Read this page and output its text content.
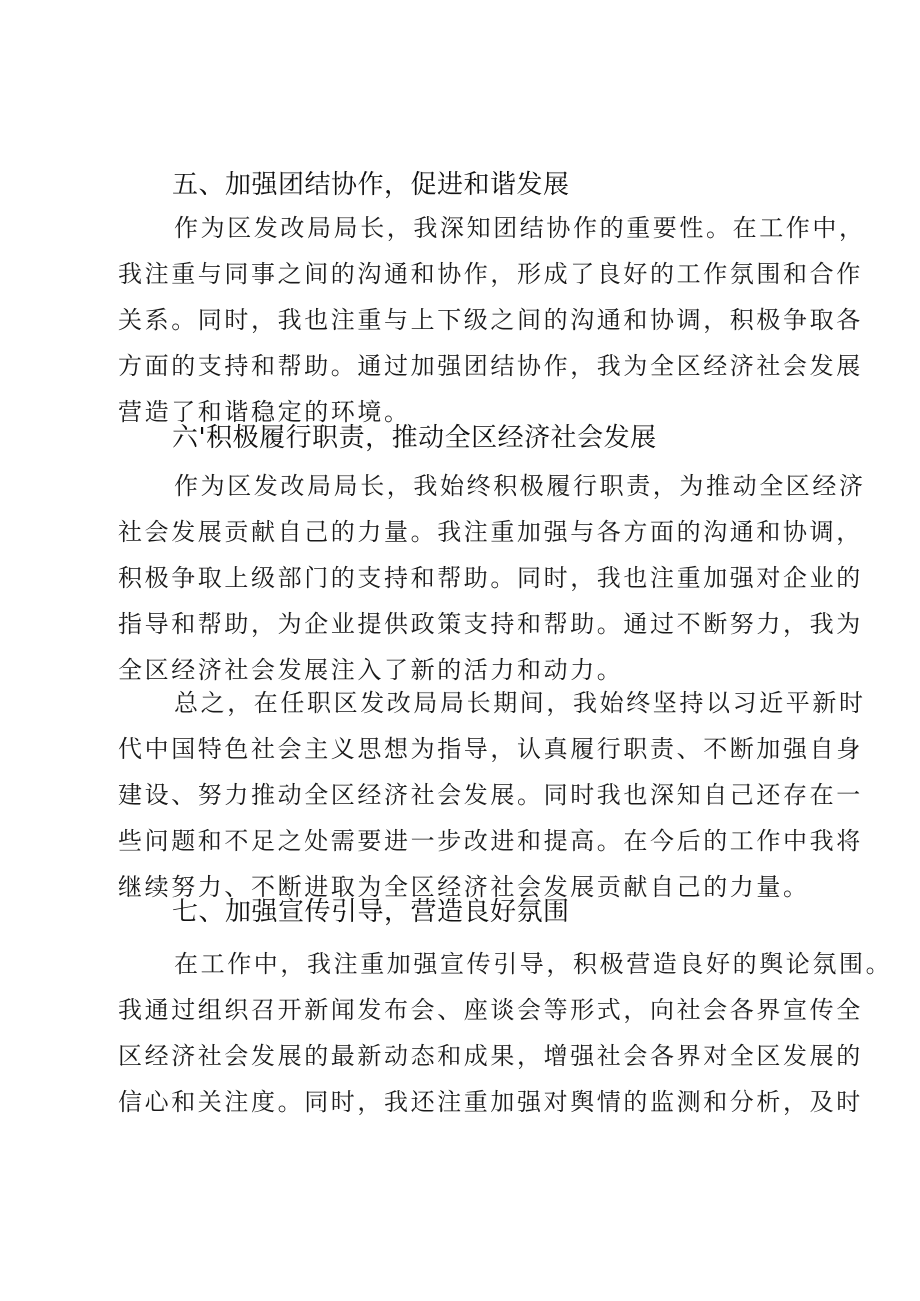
五、加强团结协作，促进和谐发展
作为区发改局局长，我深知团结协作的重要性。在工作中，
我注重与同事之间的沟通和协作，形成了良好的工作氛围和合作
关系。同时，我也注重与上下级之间的沟通和协调，积极争取各
方面的支持和帮助。通过加强团结协作，我为全区经济社会发展
营造了和谐稳定的环境。
六'积极履行职责，推动全区经济社会发展
作为区发改局局长，我始终积极履行职责，为推动全区经济
社会发展贡献自己的力量。我注重加强与各方面的沟通和协调，
积极争取上级部门的支持和帮助。同时，我也注重加强对企业的
指导和帮助，为企业提供政策支持和帮助。通过不断努力，我为
全区经济社会发展注入了新的活力和动力。
总之，在任职区发改局局长期间，我始终坚持以习近平新时
代中国特色社会主义思想为指导，认真履行职责、不断加强自身
建设、努力推动全区经济社会发展。同时我也深知自己还存在一
些问题和不足之处需要进一步改进和提高。在今后的工作中我将
继续努力、不断进取为全区经济社会发展贡献自己的力量。
七、加强宣传引导，营造良好氛围
在工作中，我注重加强宣传引导，积极营造良好的舆论氛围。
我通过组织召开新闻发布会、座谈会等形式，向社会各界宣传全
区经济社会发展的最新动态和成果，增强社会各界对全区发展的
信心和关注度。同时，我还注重加强对舆情的监测和分析，及时
